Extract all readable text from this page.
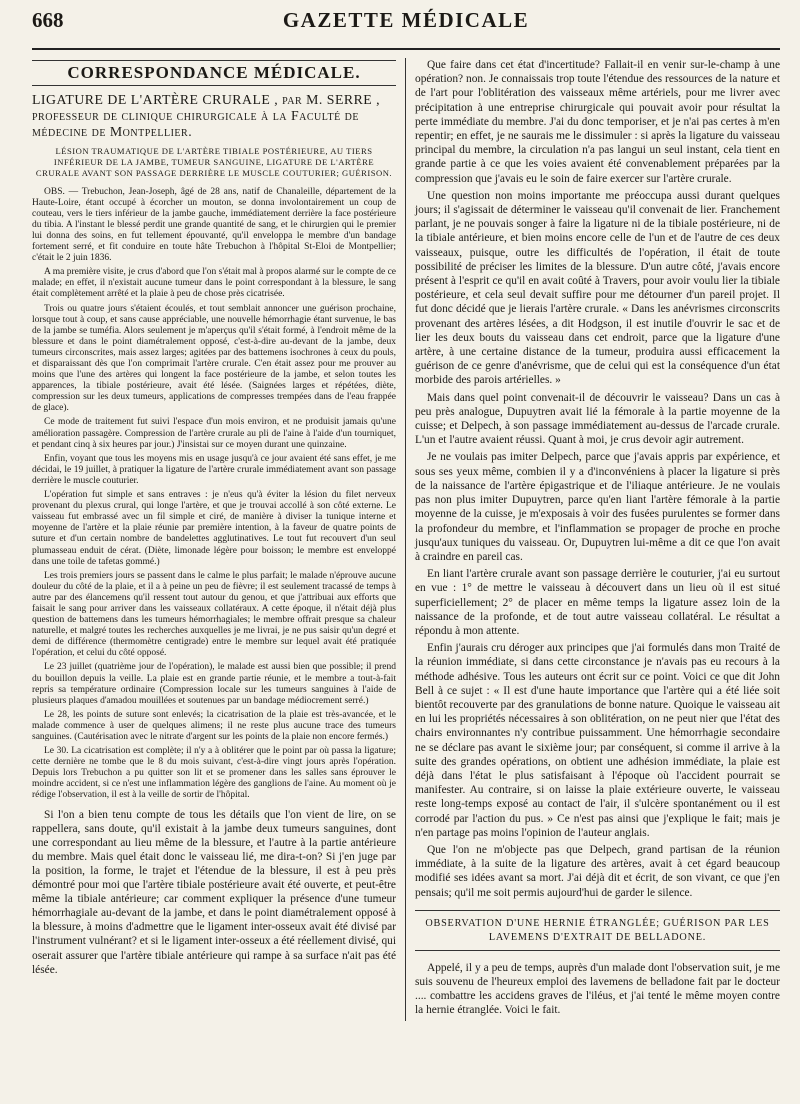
668	GAZETTE MÉDICALE
CORRESPONDANCE MÉDICALE.
LIGATURE DE L'ARTÈRE CRURALE , par M. SERRE , professeur de clinique chirurgicale à la Faculté de médecine de Montpellier.
LÉSION TRAUMATIQUE DE L'ARTÈRE TIBIALE POSTÉRIEURE, AU TIERS INFÉRIEUR DE LA JAMBE, TUMEUR SANGUINE, LIGATURE DE L'ARTÈRE CRURALE AVANT SON PASSAGE DERRIÈRE LE MUSCLE COUTURIER; GUÉRISON.

OBS. — Trebuchon, Jean-Joseph, âgé de 28 ans, natif de Chanaleille, département de la Haute-Loire, étant occupé à écorcher un mouton, se donna involontairement un coup de couteau, vers le tiers inférieur de la jambe gauche, immédiatement derrière la face postérieure du tibia. A l'instant le blessé perdit une grande quantité de sang, et le chirurgien qui le premier lui donna des soins, en fut tellement épouvanté, qu'il enveloppa le membre d'un bandage fortement serré, et fit conduire en toute hâte Trebuchon à l'hôpital St-Eloi de Montpellier; c'était le 2 juin 1836.

A ma première visite, je crus d'abord que l'on s'était mal à propos alarmé sur le compte de ce malade; en effet, il n'existait aucune tumeur dans le point correspondant à la blessure, le sang était complètement arrêté et la plaie à peu de chose près cicatrisée.

Trois ou quatre jours s'étaient écoulés, et tout semblait annoncer une guérison prochaine, lorsque tout à coup, et sans cause appréciable, une nouvelle hémorrhagie étant survenue, le bas de la jambe se tuméfia. Alors seulement je m'aperçus qu'il s'était formé, à l'endroit même de la blessure et dans le point diamétralement opposé, c'est-à-dire au-devant de la jambe, deux tumeurs circonscrites, mais assez larges; agitées par des battemens isochrones à ceux du pouls, et disparaissant dès que l'on comprimait l'artère crurale. C'en était assez pour me prouver au moins que l'une des artères qui longent la face postérieure de la jambe, et selon toutes les apparences, la tibiale postérieure, avait été lésée. (Saignées larges et répétées, diète, compression sur les deux tumeurs, applications de compresses trempées dans de l'eau frappée de glace).

Ce mode de traitement fut suivi l'espace d'un mois environ, et ne produisit jamais qu'une amélioration passagère. Compression de l'artère crurale au pli de l'aine à l'aide d'un tourniquet, et pendant cinq à six heures par jour.) J'insistai sur ce moyen durant une quinzaine.

Enfin, voyant que tous les moyens mis en usage jusqu'à ce jour avaient été sans effet, je me décidai, le 19 juillet, à pratiquer la ligature de l'artère crurale immédiatement avant son passage derrière le muscle couturier.

L'opération fut simple et sans entraves : je n'eus qu'à éviter la lésion du filet nerveux provenant du plexus crural, qui longe l'artère, et que je trouvai accollé à son côté externe. Le vaisseau fut embrassé avec un fil simple et ciré, de manière à diviser la tunique interne et moyenne de l'artère et la plaie réunie par première intention, à la faveur de quatre points de suture et d'un certain nombre de bandelettes agglutinatives. Le tout fut recouvert d'un seul plumasseau enduit de cérat. (Diète, limonade légère pour boisson; le membre est enveloppé dans une toile de tafetas gommé.)

Les trois premiers jours se passent dans le calme le plus parfait; le malade n'éprouve aucune douleur du côté de la plaie, et il a à peine un peu de fièvre; il est seulement tracassé de temps à autre par des élancemens qu'il ressent tout autour du genou, et que j'attribuai aux efforts que faisait le sang pour arriver dans les vaisseaux collatéraux. A cette époque, il n'était déjà plus question de battemens dans les tumeurs hémorrhagiales; le membre offrait presque sa chaleur naturelle, et malgré toutes les recherches auxquelles je me livrai, je ne pus saisir qu'un degré et demi de différence (thermomètre centigrade) entre le membre sur lequel avait été pratiquée l'opération, et celui du côté opposé.

Le 23 juillet (quatrième jour de l'opération), le malade est aussi bien que possible; il prend du bouillon depuis la veille. La plaie est en grande partie réunie, et le membre a tout-à-fait repris sa température ordinaire (Compression locale sur les tumeurs sanguines à l'aide de plusieurs plaques d'amadou mouillées et soutenues par un bandage médiocrement serré.)

Le 28, les points de suture sont enlevés; la cicatrisation de la plaie est très-avancée, et le malade commence à user de quelques alimens; il ne reste plus aucune trace des tumeurs sanguines. (Cautérisation avec le nitrate d'argent sur les points de la plaie non encore fermés.)

Le 30. La cicatrisation est complète; il n'y a à oblitérer que le point par où passa la ligature; cette dernière ne tombe que le 8 du mois suivant, c'est-à-dire vingt jours après l'opération. Depuis lors Trebuchon a pu quitter son lit et se promener dans les salles sans éprouver le moindre accident, si ce n'est une inflammation légère des ganglions de l'aine. Au moment où je rédige l'observation, il est à la veille de sortir de l'hôpital.

Si l'on a bien tenu compte de tous les détails que l'on vient de lire, on se rappellera, sans doute, qu'il existait à la jambe deux tumeurs sanguines, dont une correspondant au lieu même de la blessure, et l'autre à la partie antérieure du membre. Mais quel était donc le vaisseau lié, me dira-t-on? Si j'en juge par la position, la forme, le trajet et l'étendue de la blessure, il est à peu près démontré pour moi que l'artère tibiale postérieure avait été ouverte, et peut-être même la tibiale antérieure; car comment expliquer la présence d'une tumeur hémorrhagiale au-devant de la jambe, et dans le point diamétralement opposé à la blessure, à moins d'admettre que le ligament inter-osseux avait été divisé par l'instrument vulnérant? et si le ligament inter-osseux a été réellement divisé, qui oserait assurer que l'artère tibiale antérieure qui rampe à sa surface n'ait pas été lésée.

Que faire dans cet état d'incertitude? Fallait-il en venir sur-le-champ à une opération? non. Je connaissais trop toute l'étendue des ressources de la nature et de l'art pour l'oblitération des vaisseaux même artériels, pour me livrer avec précipitation à une entreprise chirurgicale qui pouvait avoir pour résultat la perte immédiate du membre. J'ai du donc temporiser, et je n'ai pas certes à m'en repentir; en effet, je ne saurais me le dissimuler : si après la ligature du vaisseau principal du membre, la circulation n'a pas langui un seul instant, cela tient en grande partie à ce que les voies avaient été convenablement préparées par la compression que j'avais eu le soin de faire exercer sur l'artère crurale.

Une question non moins importante me préoccupa aussi durant quelques jours; il s'agissait de déterminer le vaisseau qu'il convenait de lier. Franchement parlant, je ne pouvais songer à faire la ligature ni de la tibiale postérieure, ni de la tibiale antérieure, et bien moins encore celle de l'un et de l'autre de ces deux vaisseaux, puisque, outre les difficultés de l'opération, il était de toute possibilité de préciser les limites de la blessure. D'un autre côté, j'avais encore présent à l'esprit ce qu'il en avait coûté à Travers, pour avoir voulu lier la tibiale postérieure, et cela seul devait suffire pour me détourner d'un pareil projet. Il fut donc décidé que je lierais l'artère crurale. « Dans les anévrismes circonscrits provenant des artères lésées, a dit Hodgson, il est inutile d'ouvrir le sac et de lier les deux bouts du vaisseau dans cet endroit, parce que la ligature d'une artère, à une certaine distance de la tumeur, produira aussi efficacement la guérison de ce genre d'anévrisme, que de celui qui est la conséquence d'un état morbide des parois artérielles. »

Mais dans quel point convenait-il de découvrir le vaisseau? Dans un cas à peu près analogue, Dupuytren avait lié la fémorale à la partie moyenne de la cuisse; et Delpech, à son passage immédiatement au-dessus de l'arcade crurale. L'un et l'autre avaient réussi. Quant à moi, je crus devoir agir autrement.

Je ne voulais pas imiter Delpech, parce que j'avais appris par expérience, et sous ses yeux même, combien il y a d'inconvéniens à placer la ligature si près de la naissance de l'artère épigastrique et de l'iliaque antérieure. Je ne voulais pas non plus imiter Dupuytren, parce qu'en liant l'artère fémorale à la partie moyenne de la cuisse, je m'exposais à voir des fusées purulentes se former dans la profondeur du membre, et l'inflammation se propager de proche en proche jusqu'aux tuniques du vaisseau. Or, Dupuytren lui-même a dit ce que l'on avait à craindre en pareil cas.

En liant l'artère crurale avant son passage derrière le couturier, j'ai eu surtout en vue : 1° de mettre le vaisseau à découvert dans un lieu où il est situé superficiellement; 2° de placer en même temps la ligature assez loin de la naissance de la profonde, et de tout autre vaisseau collatéral. Le résultat a répondu à mon attente.

Enfin j'aurais cru déroger aux principes que j'ai formulés dans mon Traité de la réunion immédiate, si dans cette circonstance je n'avais pas eu recours à la méthode adhésive. Tous les auteurs ont écrit sur ce point. Voici ce que dit John Bell à ce sujet : « Il est d'une haute importance que l'artère qui a été liée soit bientôt recouverte par des granulations de bonne nature. Quoique le vaisseau ait en lui les propriétés nécessaires à son oblitération, on ne peut nier que l'état des chairs environnantes n'y contribue puissamment. Une hémorrhagie secondaire ne se déclare pas avant le sixième jour; par conséquent, si comme il arrive à la suite des grandes opérations, on obtient une adhésion immédiate, la plaie est déjà dans l'état le plus satisfaisant à l'époque où l'accident pourrait se manifester. Au contraire, si on laisse la plaie extérieure ouverte, le vaisseau reste long-temps exposé au contact de l'air, il s'ulcère spontanément ou il est corrodé par l'action du pus. » Ce n'est pas ainsi que j'explique le fait; mais je n'en partage pas moins l'opinion de l'auteur anglais.

Que l'on ne m'objecte pas que Delpech, grand partisan de la réunion immédiate, à la suite de la ligature des artères, avait à cet égard beaucoup modifié ses idées avant sa mort. J'ai déjà dit et écrit, de son vivant, ce que j'en pensais; qu'il me soit permis aujourd'hui de garder le silence.

OBSERVATION D'UNE HERNIE ÉTRANGLÉE; GUÉRISON PAR LES LAVEMENS D'EXTRAIT DE BELLADONE.

Appelé, il y a peu de temps, auprès d'un malade dont l'observation suit, je me suis souvenu de l'heureux emploi des lavemens de belladone fait par le docteur .... combattre les accidens graves de l'iléus, et j'ai tenté le même moyen contre la hernie étranglée. Voici le fait.
